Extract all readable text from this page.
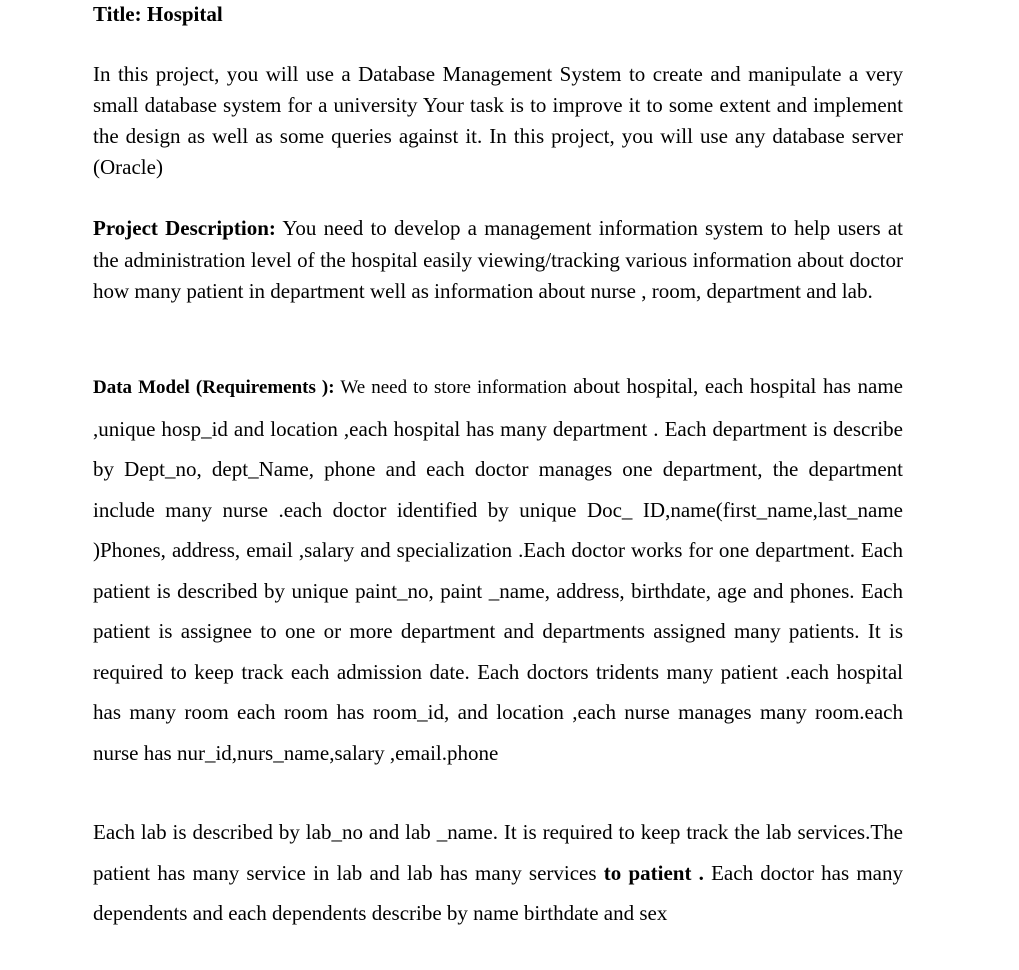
Title: Hospital

In this project, you will use a Database Management System to create and manipulate a very small database system for a university Your task is to improve it to some extent and implement the design as well as some queries against it. In this project, you will use any database server (Oracle)

Project Description: You need to develop a management information system to help users at the administration level of the hospital easily viewing/tracking various information about doctor how many patient in department well as information about nurse , room, department and lab.

Data Model (Requirements ): We need to store information about hospital, each hospital has name ,unique hosp_id and location ,each hospital has many department . Each department is describe by Dept_no, dept_Name, phone and each doctor manages one department, the department include many nurse .each doctor identified by unique Doc_ ID,name(first_name,last_name )Phones, address, email ,salary and specialization .Each doctor works for one department. Each patient is described by unique paint_no, paint _name, address, birthdate, age and phones. Each patient is assignee to one or more department and departments assigned many patients. It is required to keep track each admission date. Each doctors tridents many patient .each hospital has many room each room has room_id, and location ,each nurse manages many room.each nurse has nur_id,nurs_name,salary ,email.phone

Each lab is described by lab_no and lab _name. It is required to keep track the lab services.The patient has many service in lab and lab has many services to patient . Each doctor has many dependents and each dependents describe by name birthdate and sex
